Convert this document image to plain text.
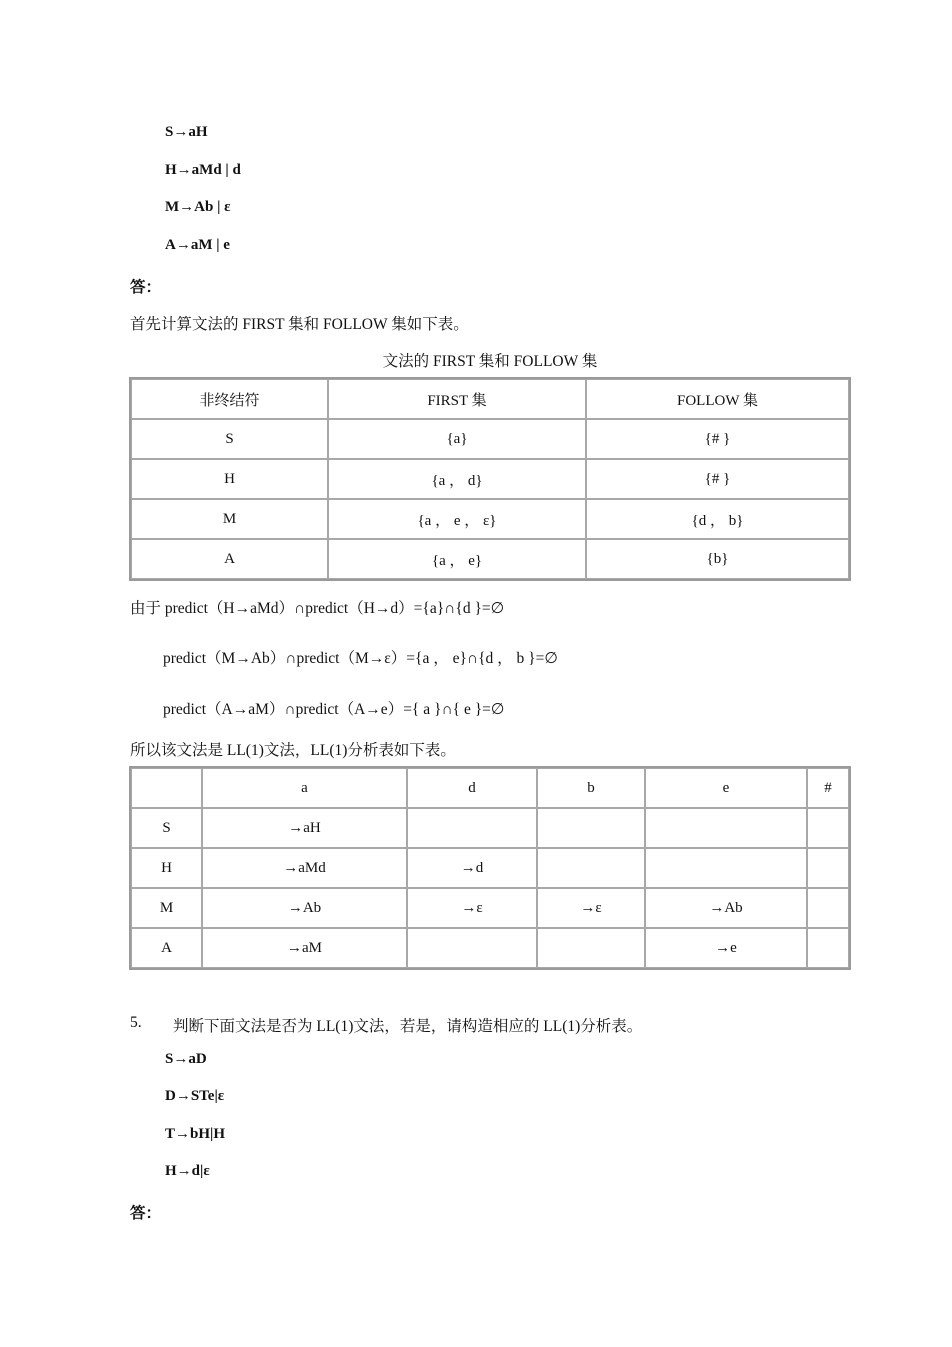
S→aH
H→aMd | d
M→Ab | ε
A→aM | e
答：
首先计算文法的 FIRST 集和 FOLLOW 集如下表。
文法的 FIRST 集和 FOLLOW 集
非终结符	FIRST 集	FOLLOW 集
S	{a}	{# }
H	{a ， d}	{# }
M	{a ， e ， ε}	{d ， b}
A	{a ， e}	{b}
由于 predict（H→aMd）∩predict（H→d）={a}∩{d }=∅
predict（M→Ab）∩predict（M→ε）={a ， e}∩{d ， b }=∅
predict（A→aM）∩predict（A→e）={ a }∩{ e }=∅
所以该文法是 LL(1)文法，LL(1)分析表如下表。
	a	d	b	e	#
S	→aH				
H	→aMd	→d			
M	→Ab	→ε	→ε	→Ab	
A	→aM			→e	
5. 判断下面文法是否为 LL(1)文法，若是，请构造相应的 LL(1)分析表。
S→aD
D→STe|ε
T→bH|H
H→d|ε
答：
